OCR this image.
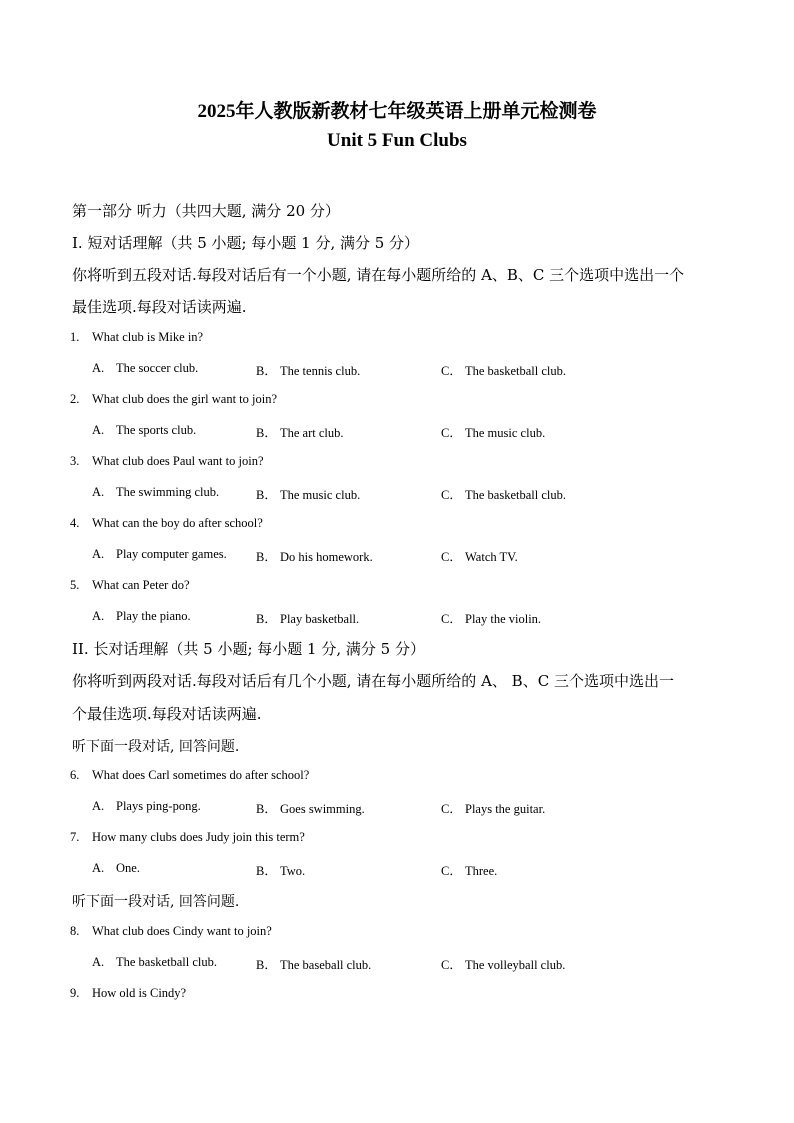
2025年人教版新教材七年级英语上册单元检测卷
Unit 5 Fun Clubs
第一部分 听力（共四大题, 满分 20 分）
I. 短对话理解（共 5 小题; 每小题 1 分, 满分 5 分）
你将听到五段对话.每段对话后有一个小题, 请在每小题所给的 A、B、C 三个选项中选出一个
最佳选项.每段对话读两遍.
1. What club is Mike in?
A. The soccer club.	B． The tennis club.	C． The basketball club.
2. What club does the girl want to join?
A. The sports club.	B． The art club.	C． The music club.
3. What club does Paul want to join?
A. The swimming club.	B． The music club.	C． The basketball club.
4. What can the boy do after school?
A. Play computer games. B． Do his homework.	C． Watch TV.
5. What can Peter do?
A. Play the piano.	B． Play basketball.	C． Play the violin.
II. 长对话理解（共 5 小题; 每小题 1 分, 满分 5 分）
你将听到两段对话.每段对话后有几个小题, 请在每小题所给的 A、 B、C 三个选项中选出一
个最佳选项.每段对话读两遍.
听下面一段对话, 回答问题.
6. What does Carl sometimes do after school?
A. Plays ping-pong.	B． Goes swimming.	C． Plays the guitar.
7. How many clubs does Judy join this term?
A. One.	B． Two.	C． Three.
听下面一段对话, 回答问题.
8. What club does Cindy want to join?
A. The basketball club.	B． The baseball club.	C． The volleyball club.
9. How old is Cindy?
